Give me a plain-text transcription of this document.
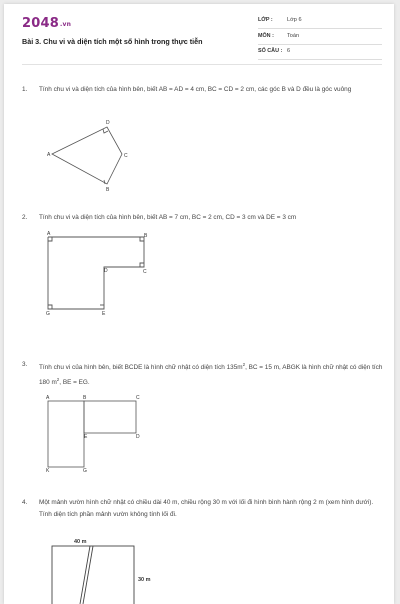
2048.vn
Bài 3. Chu vi và diện tích một số hình trong thực tiễn
LỚP :	Lớp 6
MÔN : Toán
SỐ CÂU : 6
1. Tính chu vi và diện tích của hình bên, biết AB = AD = 4 cm, BC = CD = 2 cm, các góc B và D đều là góc vuông
2. Tính chu vi và diện tích của hình bên, biết AB = 7 cm, BC = 2 cm, CD = 3 cm và DE = 3 cm
3. Tính chu vi của hình bên, biết BCDE là hình chữ nhật có diện tích $135m^2$, BC = 15 m, ABGK là hình chữ nhật có diện tích 180 $m^2$, BE = EG.
4. Một mảnh vườn hình chữ nhật có chiều dài 40 m, chiều rộng 30 m với lối đi hình bình hành rộng 2 m (xem hình dưới). Tính diện tích phần mảnh vườn không tính lối đi.
A
D
C
B
A	B
C
D
E
G
A	B	C
D
E
K	G
40 m
30 m
